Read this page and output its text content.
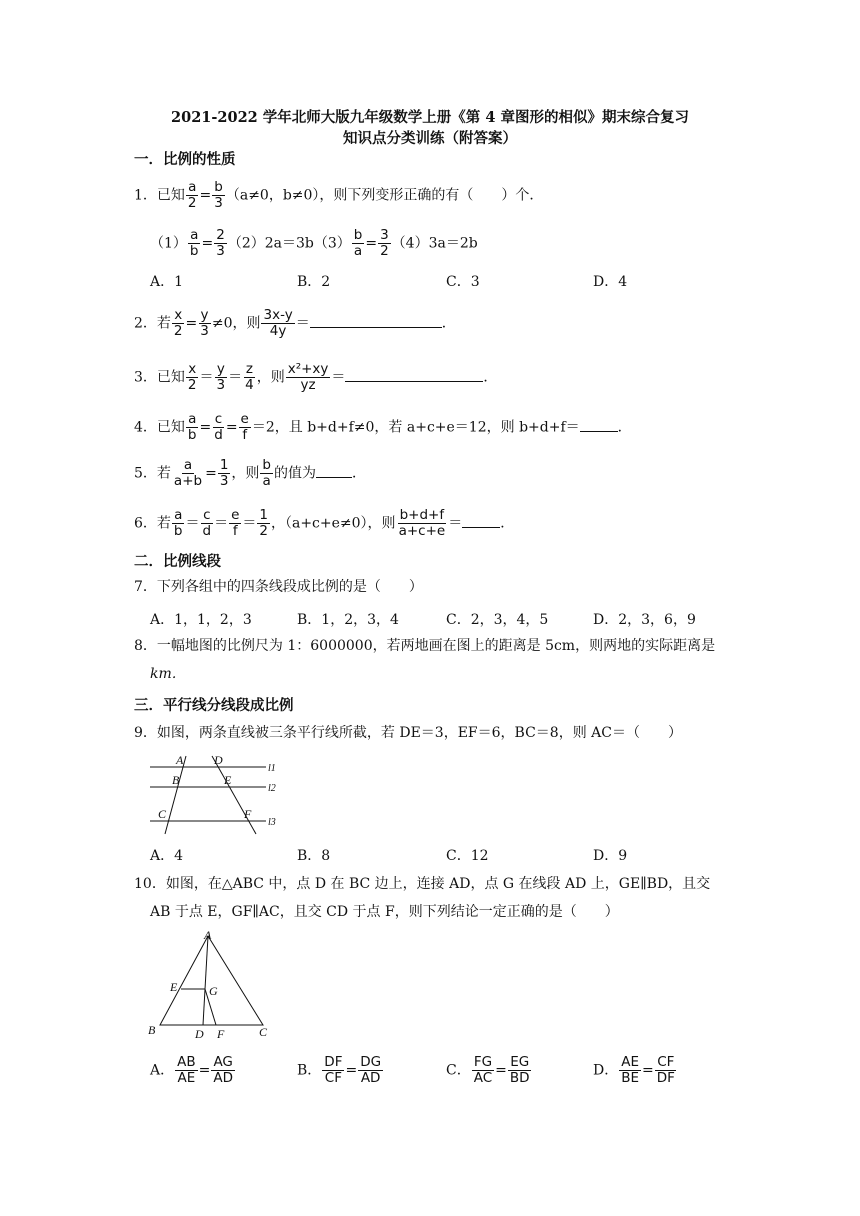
2021-2022 学年北师大版九年级数学上册《第 4 章图形的相似》期末综合复习
知识点分类训练（附答案）
一．比例的性质
1．已知 $\frac{a}{2} = \frac{b}{3} (a\ne 0$，b≠0），则下列变形正确的有（　　）个．
$(1) \frac{a}{b} = \frac{2}{3} (2)2a=3b(3) \frac{b}{a} = \frac{3}{2} (4)3a=2b$
A．1	B．2	C．3	D．4
2．若 $\frac{x}{2} = \frac{y}{3} \ne 0$，则 $\frac{3x-y}{4y}$ ＝	．
3．已知 $\frac{x}{2} = \frac{y}{3} = \frac{z}{4}$ ，则 $\frac{\text{x²+xy}}{yz}$ ＝	．
4．已知 $\frac{a}{b} = \frac{c}{d} = \frac{e}{f} =2$，且 b+d+f≠0，若 a+c+e＝12，则 b+d+f＝	．
5．若 $\frac{a}{a+b} = \frac{1}{3}$ ，则 $\frac{b}{a}$ 的值为	．
6．若 $\frac{a}{b} = \frac{c}{d} = \frac{e}{f} = \frac{1}{2}$ ，（a+c+e≠0），则 $\frac{b+d+f}{a+c+e}$ ＝	．
二．比例线段
7．下列各组中的四条线段成比例的是（　　）
A．1，1，2，3	B．1，2，3，4	C．2，3，4，5	D．2，3，6，9
8．一幅地图的比例尺为 1：6000000，若两地画在图上的距离是 5cm，则两地的实际距离是
km．
三．平行线分线段成比例
9．如图，两条直线被三条平行线所截，若 DE＝3，EF＝6，BC＝8，则 AC＝（　　）
A	D
B	E
C	F
l1
l2
l3
A．4	B．8	C．12	D．9
10．如图，在△ABC 中，点 D 在 BC 边上，连接 AD，点 G 在线段 AD 上，GE∥BD，且交
AB 于点 E，GF∥AC，且交 CD 于点 F，则下列结论一定正确的是（　　）
A
E	G
B	D F	C
A． $\frac{AB}{AE} = \frac{AG}{AD}$	B． $\frac{DF}{CF} = \frac{DG}{AD}$	C． $\frac{FG}{AC} = \frac{EG}{BD}$	D． $\frac{AE}{BE} = \frac{CF}{DF}$
